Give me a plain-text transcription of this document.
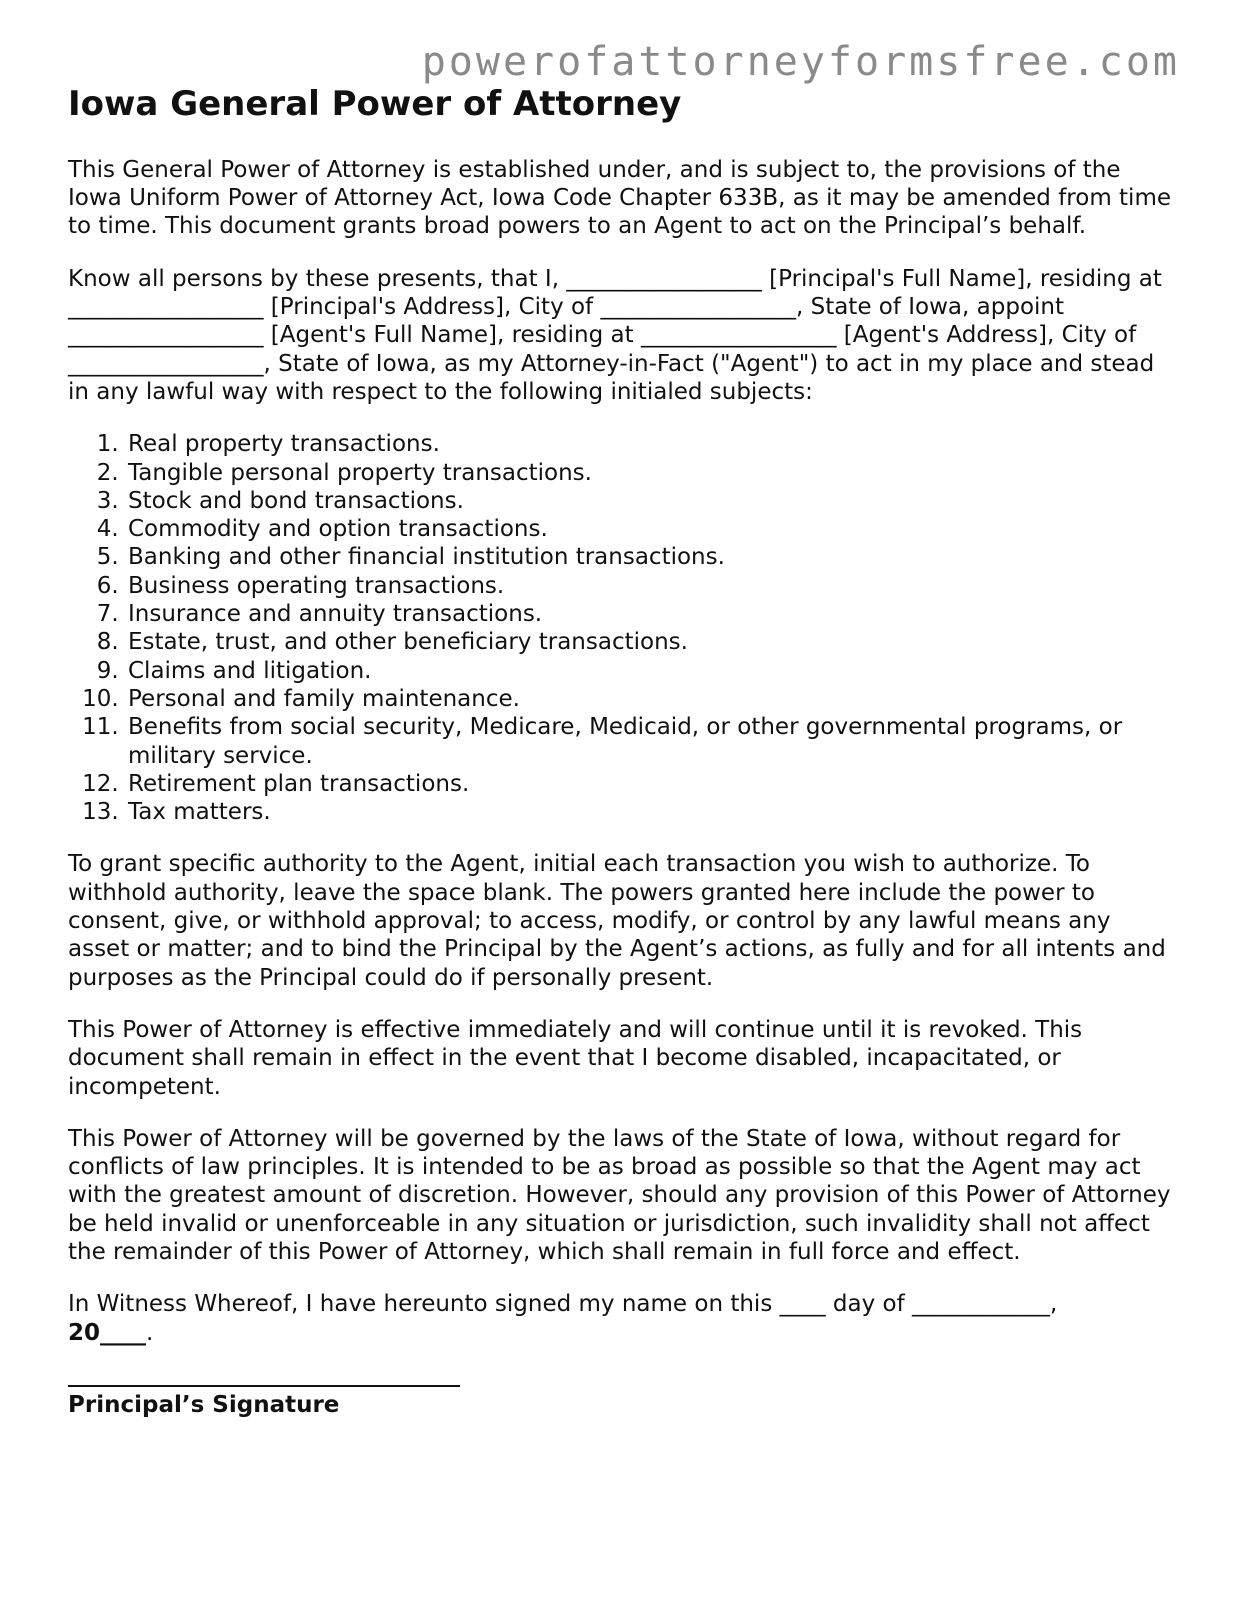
powerofattorneyformsfree.com
Iowa General Power of Attorney

This General Power of Attorney is established under, and is subject to, the provisions of the Iowa Uniform Power of Attorney Act, Iowa Code Chapter 633B, as it may be amended from time to time. This document grants broad powers to an Agent to act on the Principal’s behalf.

Know all persons by these presents, that I, _________________ [Principal's Full Name], residing at _________________ [Principal's Address], City of _________________, State of Iowa, appoint _________________ [Agent's Full Name], residing at _________________ [Agent's Address], City of _________________, State of Iowa, as my Attorney-in-Fact ("Agent") to act in my place and stead in any lawful way with respect to the following initialed subjects:

1. Real property transactions.
2. Tangible personal property transactions.
3. Stock and bond transactions.
4. Commodity and option transactions.
5. Banking and other financial institution transactions.
6. Business operating transactions.
7. Insurance and annuity transactions.
8. Estate, trust, and other beneficiary transactions.
9. Claims and litigation.
10. Personal and family maintenance.
11. Benefits from social security, Medicare, Medicaid, or other governmental programs, or military service.
12. Retirement plan transactions.
13. Tax matters.

To grant specific authority to the Agent, initial each transaction you wish to authorize. To withhold authority, leave the space blank. The powers granted here include the power to consent, give, or withhold approval; to access, modify, or control by any lawful means any asset or matter; and to bind the Principal by the Agent’s actions, as fully and for all intents and purposes as the Principal could do if personally present.

This Power of Attorney is effective immediately and will continue until it is revoked. This document shall remain in effect in the event that I become disabled, incapacitated, or incompetent.

This Power of Attorney will be governed by the laws of the State of Iowa, without regard for conflicts of law principles. It is intended to be as broad as possible so that the Agent may act with the greatest amount of discretion. However, should any provision of this Power of Attorney be held invalid or unenforceable in any situation or jurisdiction, such invalidity shall not affect the remainder of this Power of Attorney, which shall remain in full force and effect.

In Witness Whereof, I have hereunto signed my name on this ____ day of ____________,
20____.

Principal’s Signature
